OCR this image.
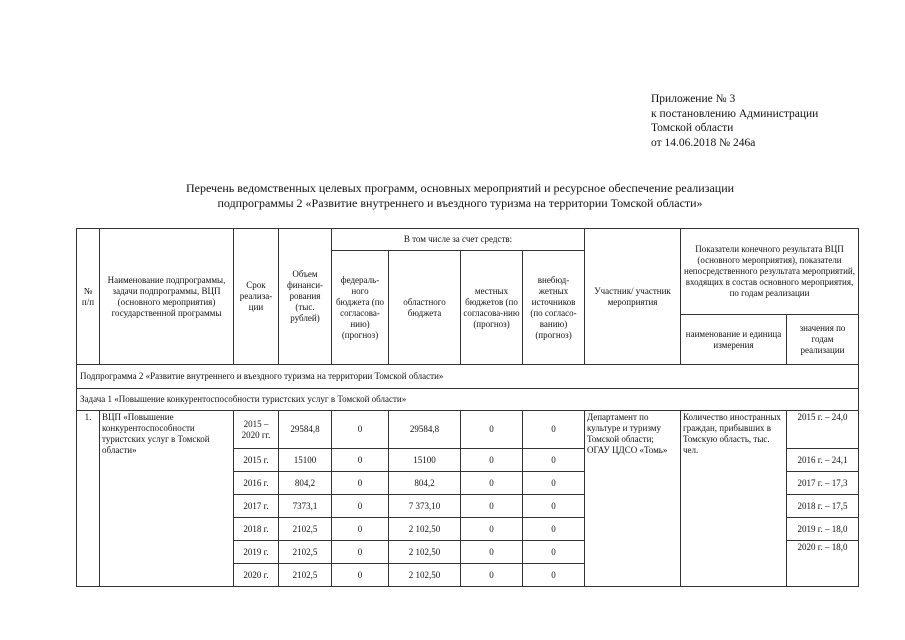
Приложение № 3
к постановлению Администрации
Томской области
от 14.06.2018 № 246а
Перечень ведомственных целевых программ, основных мероприятий и ресурсное обеспечение реализации
подпрограммы 2 «Развитие внутреннего и въездного туризма на территории Томской области»
№ п/п	Наименование подпрограммы, задачи подпрограммы, ВЦП (основного мероприятия) государственной программы	Срок реализа-ции	Объем финанси-рования (тыс. рублей)	В том числе за счет средств:				Участник/ участник мероприятия	Показатели конечного результата ВЦП (основного мероприятия), показатели непосредственного результата мероприятий, входящих в состав основного мероприятия, по годам реализации	
				федераль-ного бюджета (по согласова-нию) (прогноз)	областного бюджета	местных бюджетов (по согласова-нию (прогноз)	внебюд-жетных источников (по согласо-ванию) (прогноз)			
									наименование и единица измерения	значения по годам реализации
Подпрограмма 2 «Развитие внутреннего и въездного туризма на территории Томской области»										
Задача 1 «Повышение конкурентоспособности туристских услуг в Томской области»										
1.	ВЦП «Повышение конкурентоспособности туристских услуг в Томской области»	2015 – 2020 гг.	29584,8	0	29584,8	0	0	Департамент по культуре и туризму Томской области; ОГАУ ЦДСО «Томь»	Количество иностранных граждан, прибывших в Томскую область, тыс. чел.	2015 г. – 24,0
		2015 г.	15100	0	15100	0	0			2016 г. – 24,1
		2016 г.	804,2	0	804,2	0	0			2017 г. – 17,3
		2017 г.	7373,1	0	7 373,10	0	0			2018 г. – 17,5
		2018 г.	2102,5	0	2 102,50	0	0			2019 г. – 18,0
		2019 г.	2102,5	0	2 102,50	0	0			2020 г. – 18,0
		2020 г.	2102,5	0	2 102,50	0	0			
